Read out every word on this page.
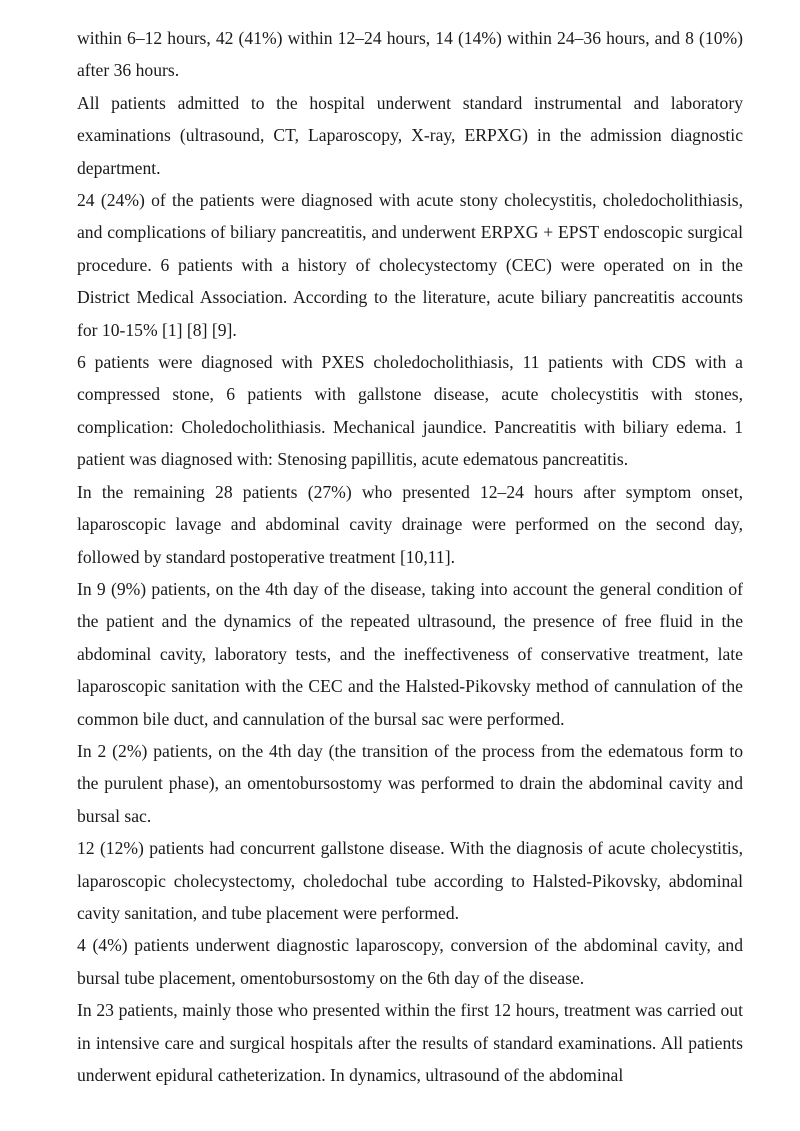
within 6–12 hours, 42 (41%) within 12–24 hours, 14 (14%) within 24–36 hours, and 8 (10%) after 36 hours.

All patients admitted to the hospital underwent standard instrumental and laboratory examinations (ultrasound, CT, Laparoscopy, X-ray, ERPXG) in the admission diagnostic department.

24 (24%) of the patients were diagnosed with acute stony cholecystitis, choledocholithiasis, and complications of biliary pancreatitis, and underwent ERPXG + EPST endoscopic surgical procedure. 6 patients with a history of cholecystectomy (CEC) were operated on in the District Medical Association. According to the literature, acute biliary pancreatitis accounts for 10-15% [1] [8] [9].

6 patients were diagnosed with PXES choledocholithiasis, 11 patients with CDS with a compressed stone, 6 patients with gallstone disease, acute cholecystitis with stones, complication: Choledocholithiasis. Mechanical jaundice. Pancreatitis with biliary edema. 1 patient was diagnosed with: Stenosing papillitis, acute edematous pancreatitis.

In the remaining 28 patients (27%) who presented 12–24 hours after symptom onset, laparoscopic lavage and abdominal cavity drainage were performed on the second day, followed by standard postoperative treatment [10,11].

In 9 (9%) patients, on the 4th day of the disease, taking into account the general condition of the patient and the dynamics of the repeated ultrasound, the presence of free fluid in the abdominal cavity, laboratory tests, and the ineffectiveness of conservative treatment, late laparoscopic sanitation with the CEC and the Halsted-Pikovsky method of cannulation of the common bile duct, and cannulation of the bursal sac were performed.

In 2 (2%) patients, on the 4th day (the transition of the process from the edematous form to the purulent phase), an omentobursostomy was performed to drain the abdominal cavity and bursal sac.

12 (12%) patients had concurrent gallstone disease. With the diagnosis of acute cholecystitis, laparoscopic cholecystectomy, choledochal tube according to Halsted-Pikovsky, abdominal cavity sanitation, and tube placement were performed.

4 (4%) patients underwent diagnostic laparoscopy, conversion of the abdominal cavity, and bursal tube placement, omentobursostomy on the 6th day of the disease.

In 23 patients, mainly those who presented within the first 12 hours, treatment was carried out in intensive care and surgical hospitals after the results of standard examinations. All patients underwent epidural catheterization. In dynamics, ultrasound of the abdominal
